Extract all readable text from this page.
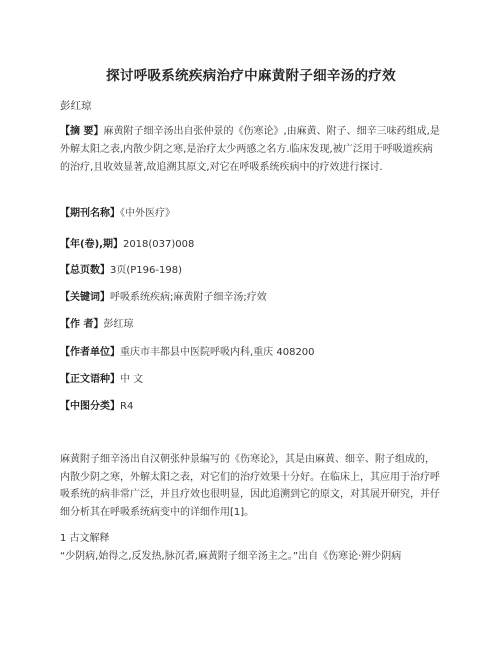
探讨呼吸系统疾病治疗中麻黄附子细辛汤的疗效
彭红琼
【摘 要】麻黄附子细辛汤出自张仲景的《伤寒论》,由麻黄、附子、细辛三味药组成,是外解太阳之表,内散少阴之寒,是治疗太少两感之名方.临床发现,被广泛用于呼吸道疾病的治疗,且收效显著,故追溯其原文,对它在呼吸系统疾病中的疗效进行探讨.
【期刊名称】《中外医疗》
【年(卷),期】2018(037)008
【总页数】3页(P196-198)
【关键词】呼吸系统疾病;麻黄附子细辛汤;疗效
【作 者】彭红琼
【作者单位】重庆市丰都县中医院呼吸内科,重庆 408200
【正文语种】中 文
【中图分类】R4
麻黄附子细辛汤出自汉朝张仲景编写的《伤寒论》，其是由麻黄、细辛、附子组成的，内散少阴之寒，外解太阳之表，对它们的治疗效果十分好。在临床上，其应用于治疗呼吸系统的病非常广泛，并且疗效也很明显，因此追溯到它的原文，对其展开研究，并仔细分析其在呼吸系统病变中的详细作用[1]。
1 古文解释
“少阴病,始得之,反发热,脉沉者,麻黄附子细辛汤主之。”出自《伤寒论·辨少阴病
